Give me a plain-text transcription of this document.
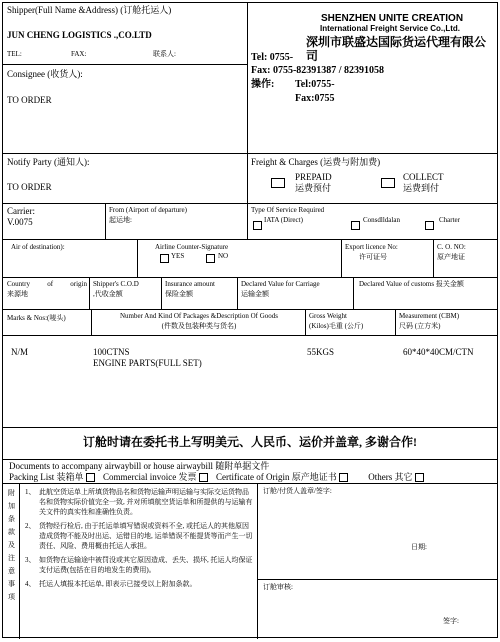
Shipper(Full Name &Address) (订舱托运人)
JUN CHENG LOGISTICS .,CO.LTD
TEL:	FAX:	联系人:
Consignee (收货人):
TO ORDER
SHENZHEN UNITE CREATION
International Freight Service Co.,Ltd.
深圳市联盛达国际货运代理有限公司
Tel: 0755-
Fax: 0755-82391387 / 82391058
操作: Tel:0755-
Fax:0755
Notify Party (通知人):
TO ORDER
Freight & Charges (运费与附加费)
PREPAID
运费预付
COLLECT
运费到付
Carrier:
V.0075
From (Airport of departure)
起运地:
Type Of Service Required
IATA (Direct)	Consdlldalan	Charter
Air of destination):	Airline Counter-Signature
YES	NO
Export licence No:
许可证号
C. O. NO:
原产地证
Country of origin
来源地
Shipper's C.O.D
,代收金额
Insurance amount
保险金额
Declared Value for Carriage
运输金额
Declared Value of customs 报关金额
Marks & Nos:(唛头)	Number And Kind Of Packages &Description Of Goods
(件数及包装种类与货名)
Gross Weight
(Kilos)毛重 (公斤)
Measurement (CBM)
尺码 (立方米)
N/M	100CTNS
ENGINE PARTS(FULL SET)
55KGS	60*40*40CM/CTN
订舱时请在委托书上写明美元、人民币、运价并盖章, 多谢合作!
Documents to accompany airwaybill or house airwaybill 随附单据文件
Packing List 装箱单 Commercial invoice 发票 Certificate of Origin 原产地证书	Others 其它
附加条款及注意事项
1、 此航空货运单上所填货物品名和货物运输声明运输与实际交运货物品名和货物实际价值完全一致, 并对所填航空货运单和所提供的与运输有关文件的真实性和准确性负责。
2、 货物经行检后, 由于托运单填写错误或资料不全, 或托运人的其他原因造成货物不能及时出运、运错目的地, 运单错误不能提货等而产生一切责任、风险、费用概由托运人承担。
3、 如货物在运输途中被罚没或其它原因造成、丢失、损坏, 托运人均保证支付运费(包括在目的地发生的费用)。
4、 托运人填报本托运单, 即表示已接受以上附加条款。
订舱/付货人盖章/签字:
日期:
订舱审核:
签字:
